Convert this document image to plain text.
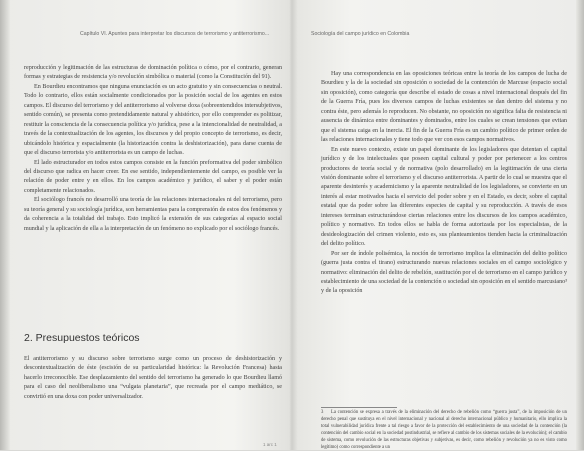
Capítulo VI. Apuntes para interpretar los discursos de terrorismo y antiterrorismo...

reproducción y legitimación de las estructuras de dominación política o cómo, por el contrario, generan formas y estrategias de resistencia y/o revolución simbólica o material (como la Constitución del 91).

En Bourdieu encontramos que ninguna enunciación es un acto gratuito y sin consecuencias o neutral. Todo lo contrario, ellos están socialmente condicionados por la posición social de los agentes en estos campos. El discurso del terrorismo y del antiterrorismo al volverse doxa (sobreentendidos intersubjetivos, sentido común), se presenta como pretendidamente natural y ahistórico, por ello comprender es politizar, restituir la consciencia de la consecuencia política y/o jurídica, pese a la intencionalidad de neutralidad, a través de la contextualización de los agentes, los discursos y del propio concepto de terrorismo, es decir, ubicándolo histórica y espacialmente (la historización contra la deshistorización), para darse cuenta de que el discurso terrorista y/o antiterrorista es un campo de luchas.

El lado estructurador en todos estos campos consiste en la función preformativa del poder simbólico del discurso que radica en hacer creer. En ese sentido, independientemente del campo, es posible ver la relación de poder entre y en ellos. En los campos académico y jurídico, el saber y el poder están completamente relacionados.

El sociólogo francés no desarrolló una teoría de las relaciones internacionales ni del terrorismo, pero su teoría general y su sociología jurídica, son herramientas para la comprensión de estos dos fenómenos y da coherencia a la totalidad del trabajo. Esto implicó la extensión de sus categorías al espacio social mundial y la aplicación de ella a la interpretación de un fenómeno no explicado por el sociólogo francés.

2. Presupuestos teóricos

El antiterrorismo y su discurso sobre terrorismo surge como un proceso de deshistorización y descontextualización de éste (escisión de su particularidad histórica: la Revolución Francesa) hasta hacerlo irreconocible. Ese desplazamiento del sentido del terrorismo ha generado lo que Bourdieu llamó para el caso del neoliberalismo una “vulgata planetaria”, que recreada por el campo mediático, se convirtió en una doxa con poder universalizador.

Sociología del campo jurídico en Colombia

Hay una correspondencia en las oposiciones teóricas entre la teoría de los campos de lucha de Bourdieu y la de la sociedad sin oposición o sociedad de la contención de Marcuse (espacio social sin oposición), como categoría que describe el estado de cosas a nivel internacional después del fin de la Guerra Fría, pues los diversos campos de luchas existentes se dan dentro del sistema y no contra éste, pero además lo reproducen. No obstante, no oposición no significa falta de resistencia ni ausencia de dinámica entre dominantes y dominados, entre los cuales se crean tensiones que evitan que el sistema caiga en la inercia. El fin de la Guerra Fría es un cambio político de primer orden de las relaciones internacionales y tiene todo que ver con esos campos normativos.

En este nuevo contexto, existe un papel dominante de los legisladores que detentan el capital jurídico y de los intelectuales que poseen capital cultural y poder por pertenecer a los centros productores de teoría social y de normativa (polo desarrollado) en la legitimación de una cierta visión dominante sobre el terrorismo y el discurso antiterrorista. A partir de lo cual se muestra que el aparente desinterés y academicismo y la aparente neutralidad de los legisladores, se convierte en un interés al estar motivados hacia el servicio del poder sobre y en el Estado, es decir, sobre el capital estatal que da poder sobre las diferentes especies de capital y su reproducción. A través de esos intereses terminan estructurándose ciertas relaciones entre los discursos de los campos académico, político y normativo. En todos ellos se habla de forma autorizada por los especialistas, de la desideologización del crimen violento, esto es, sus planteamientos tienden hacia la criminalización del delito político.

Por ser de índole polisémica, la noción de terrorismo implica la eliminación del delito político (guerra justa contra el tirano) estructurando nuevas relaciones sociales en el campo sociológico y normativo: eliminación del delito de rebelión, sustitución por el de terrorismo en el campo jurídico y establecimiento de una sociedad de la contención o sociedad sin oposición en el sentido marcusiano³ y de la oposición

3 La contención se expresa a través de la eliminación del derecho de rebelión como “guerra justa”, de la imposición de un derecho penal que sustituya en el nivel internacional y nacional al derecho internacional público y humanitario, ello implica la total vulnerabilidad jurídica frente a tal riesgo a favor de la protección del establecimiento de una sociedad de la contención (la contención del cambio social en la sociedad postindustrial, se refiere al cambio de los sistemas sociales de la evolución); el cambio de sistema, como revolución de las estructuras objetivas y subjetivas, es decir, como rebelión y revolución ya no es visto como legítimo) como correspondiente a un
1 arc 1
